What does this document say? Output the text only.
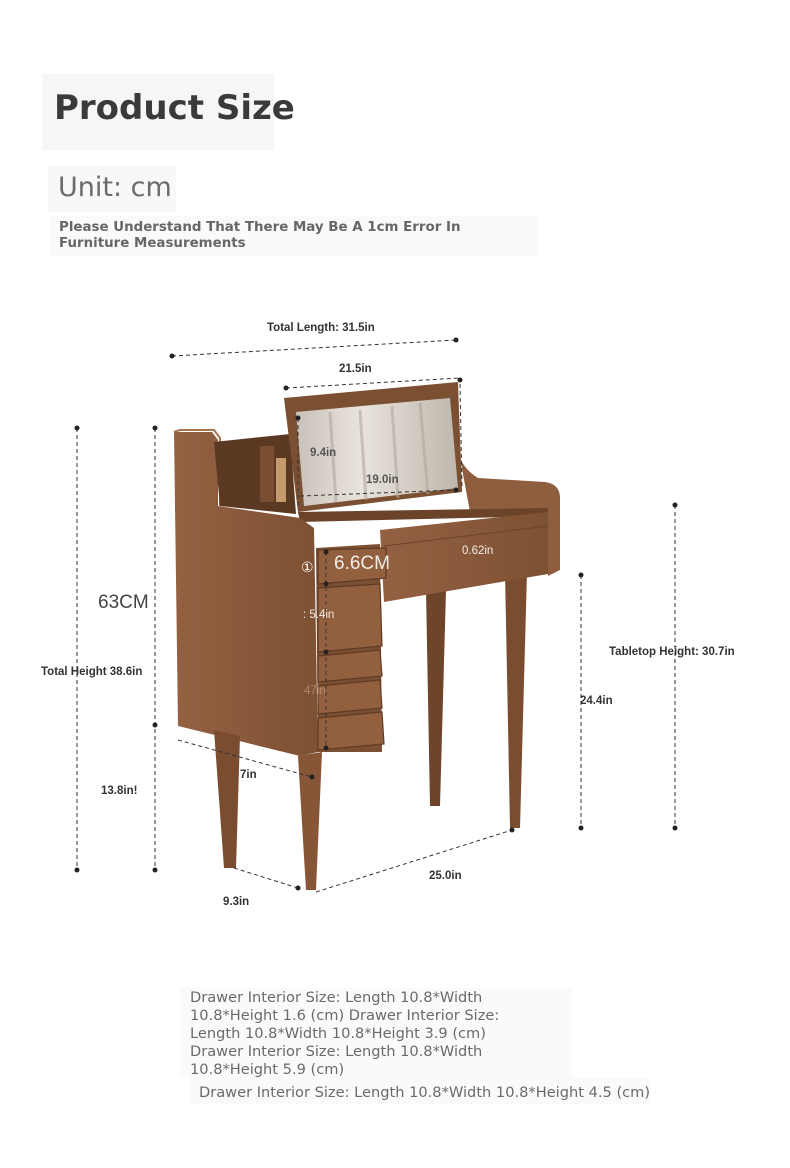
Product Size
Unit: cm
Please Understand That There May Be A 1cm Error In Furniture Measurements
Total Length: 31.5in
21.5in
9.4in
19.0in
63CM
① 6.6CM
: 5.4in
47in
0.62in
Tabletop Height: 30.7in
24.4in
Total Height 38.6in
13.8in!
7in
9.3in
25.0in
Drawer Interior Size: Length 10.8*Width 10.8*Height 1.6 (cm) Drawer Interior Size: Length 10.8*Width 10.8*Height 3.9 (cm) Drawer Interior Size: Length 10.8*Width 10.8*Height 5.9 (cm)
Drawer Interior Size: Length 10.8*Width 10.8*Height 4.5 (cm)
